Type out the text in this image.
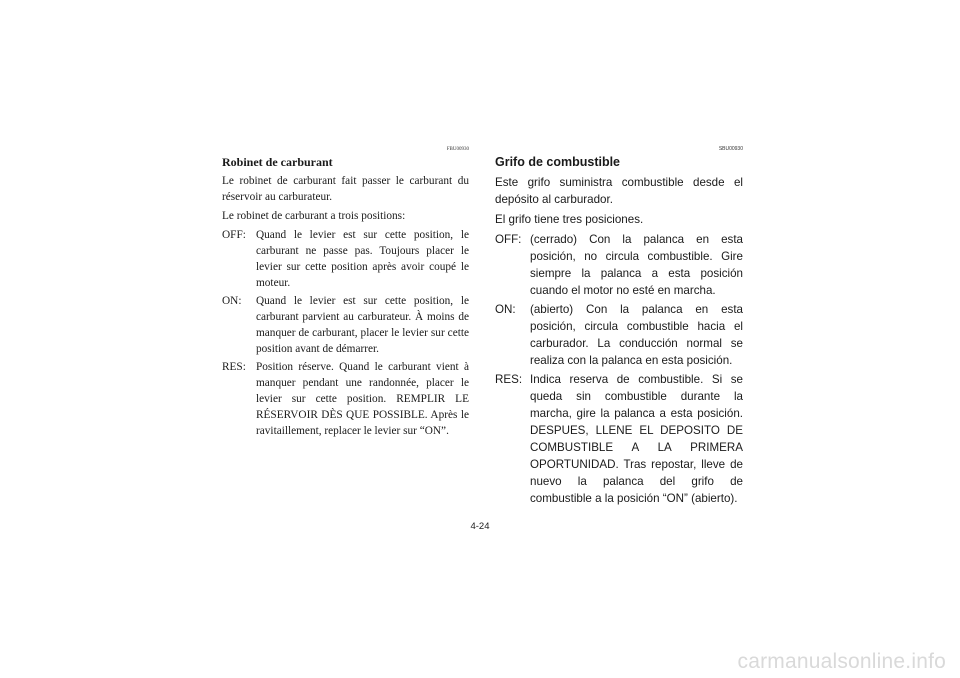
FBU00930
Robinet de carburant

Le robinet de carburant fait passer le carburant du réservoir au carburateur.

Le robinet de carburant a trois positions:

OFF: Quand le levier est sur cette position, le carburant ne passe pas. Toujours placer le levier sur cette position après avoir coupé le moteur.
ON:	Quand le levier est sur cette position, le carburant parvient au carburateur. À moins de manquer de carburant, placer le levier sur cette position avant de démarrer.
RES: Position réserve. Quand le carburant vient à manquer pendant une randonnée, placer le levier sur cette position. REMPLIR LE RÉSERVOIR DÈS QUE POSSIBLE. Après le ravitaillement, replacer le levier sur “ON”.
SBU00930
Grifo de combustible

Este grifo suministra combustible desde el depósito al carburador.

El grifo tiene tres posiciones.

OFF: (cerrado) Con la palanca en esta posición, no circula combustible. Gire siempre la palanca a esta posición cuando el motor no esté en marcha.
ON:	(abierto) Con la palanca en esta posición, circula combustible hacia el carburador. La conducción normal se realiza con la palanca en esta posición.
RES: Indica reserva de combustible. Si se queda sin combustible durante la marcha, gire la palanca a esta posición. DESPUES, LLENE EL DEPOSITO DE COMBUSTIBLE A LA PRIMERA OPORTUNIDAD. Tras repostar, lleve de nuevo la palanca del grifo de combustible a la posición “ON” (abierto).
4-24
carmanualsonline.info
